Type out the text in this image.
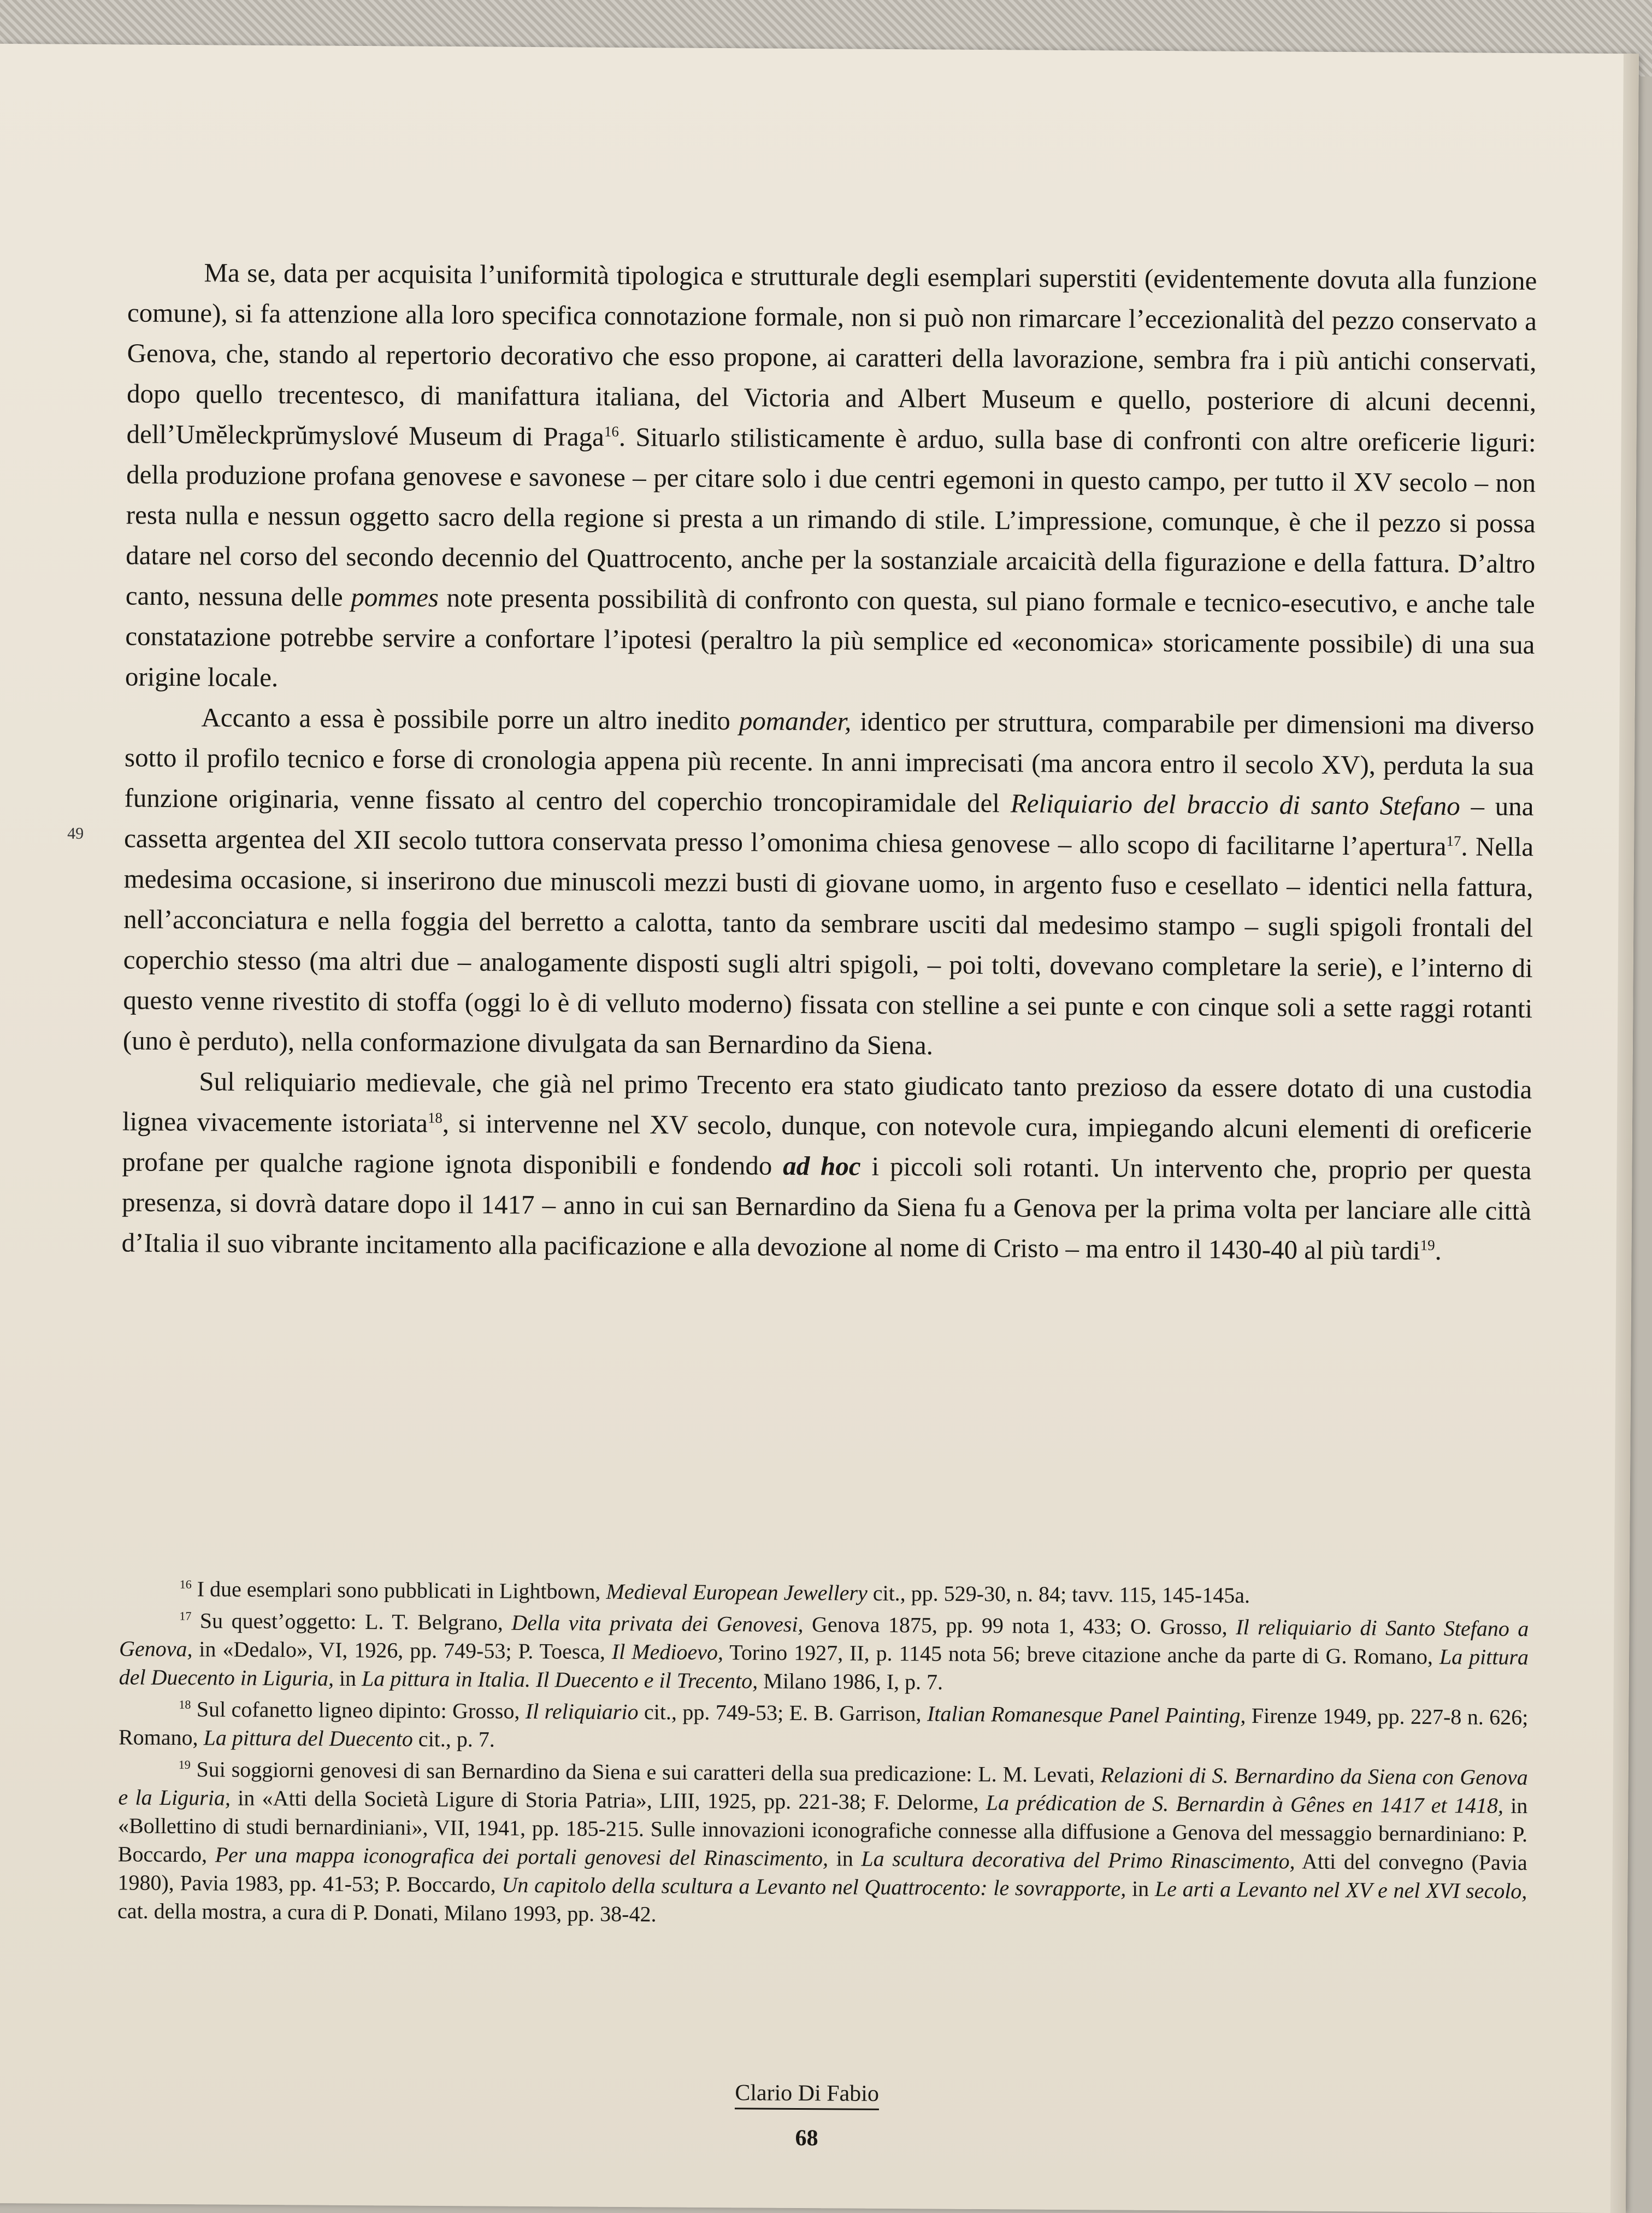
Ma se, data per acquisita l’uniformità tipologica e strutturale degli esemplari superstiti (evidentemente dovuta alla funzione comune), si fa attenzione alla loro specifica connotazione formale, non si può non rimarcare l’eccezionalità del pezzo conservato a Genova, che, stando al repertorio decorativo che esso propone, ai caratteri della lavorazione, sembra fra i più antichi conservati, dopo quello trecentesco, di manifattura italiana, del Victoria and Albert Museum e quello, posteriore di alcuni decenni, dell’Umĕleckprŭmyslové Museum di Praga$^{16}$. Situarlo stilisticamente è arduo, sulla base di confronti con altre oreficerie liguri: della produzione profana genovese e savonese – per citare solo i due centri egemoni in questo campo, per tutto il XV secolo – non resta nulla e nessun oggetto sacro della regione si presta a un rimando di stile. L’impressione, comunque, è che il pezzo si possa datare nel corso del secondo decennio del Quattrocento, anche per la sostanziale arcaicità della figurazione e della fattura. D’altro canto, nessuna delle pommes note presenta possibilità di confronto con questa, sul piano formale e tecnico-esecutivo, e anche tale constatazione potrebbe servire a confortare l’ipotesi (peraltro la più semplice ed «economica» storicamente possibile) di una sua origine locale.

Accanto a essa è possibile porre un altro inedito pomander, identico per struttura, comparabile per dimensioni ma diverso sotto il profilo tecnico e forse di cronologia appena più recente. In anni imprecisati (ma ancora entro il secolo XV), perduta la sua funzione originaria, venne fissato al centro del coperchio troncopiramidale del Reliquiario del braccio di santo Stefano – una cassetta argentea del XII secolo tuttora conservata presso l’omonima chiesa genovese – allo scopo di facilitarne l’apertura$^{17}$. Nella medesima occasione, si inserirono due minuscoli mezzi busti di giovane uomo, in argento fuso e cesellato – identici nella fattura, nell’acconciatura e nella foggia del berretto a calotta, tanto da sembrare usciti dal medesimo stampo – sugli spigoli frontali del coperchio stesso (ma altri due – analogamente disposti sugli altri spigoli, – poi tolti, dovevano completare la serie), e l’interno di questo venne rivestito di stoffa (oggi lo è di velluto moderno) fissata con stelline a sei punte e con cinque soli a sette raggi rotanti (uno è perduto), nella conformazione divulgata da san Bernardino da Siena.

Sul reliquiario medievale, che già nel primo Trecento era stato giudicato tanto prezioso da essere dotato di una custodia lignea vivacemente istoriata$^{18}$, si intervenne nel XV secolo, dunque, con notevole cura, impiegando alcuni elementi di oreficerie profane per qualche ragione ignota disponibili e fondendo ad hoc i piccoli soli rotanti. Un intervento che, proprio per questa presenza, si dovrà datare dopo il 1417 – anno in cui san Bernardino da Siena fu a Genova per la prima volta per lanciare alle città d’Italia il suo vibrante incitamento alla pacificazione e alla devozione al nome di Cristo – ma entro il 1430-40 al più tardi$^{19}$.

49

$^{16}$ I due esemplari sono pubblicati in Lightbown, Medieval European Jewellery cit., pp. 529-30, n. 84; tavv. 115, 145-145a.

$^{17}$ Su quest’oggetto: L. T. Belgrano, Della vita privata dei Genovesi, Genova 1875, pp. 99 nota 1, 433; O. Grosso, Il reliquiario di Santo Stefano a Genova, in «Dedalo», VI, 1926, pp. 749-53; P. Toesca, Il Medioevo, Torino 1927, II, p. 1145 nota 56; breve citazione anche da parte di G. Romano, La pittura del Duecento in Liguria, in La pittura in Italia. Il Duecento e il Trecento, Milano 1986, I, p. 7.

$^{18}$ Sul cofanetto ligneo dipinto: Grosso, Il reliquiario cit., pp. 749-53; E. B. Garrison, Italian Romanesque Panel Painting, Firenze 1949, pp. 227-8 n. 626; Romano, La pittura del Duecento cit., p. 7.

$^{19}$ Sui soggiorni genovesi di san Bernardino da Siena e sui caratteri della sua predicazione: L. M. Levati, Relazioni di S. Bernardino da Siena con Genova e la Liguria, in «Atti della Società Ligure di Storia Patria», LIII, 1925, pp. 221-38; F. Delorme, La prédication de S. Bernardin à Gênes en 1417 et 1418, in «Bollettino di studi bernardiniani», VII, 1941, pp. 185-215. Sulle innovazioni iconografiche connesse alla diffusione a Genova del messaggio bernardiniano: P. Boccardo, Per una mappa iconografica dei portali genovesi del Rinascimento, in La scultura decorativa del Primo Rinascimento, Atti del convegno (Pavia 1980), Pavia 1983, pp. 41-53; P. Boccardo, Un capitolo della scultura a Levanto nel Quattrocento: le sovrapporte, in Le arti a Levanto nel XV e nel XVI secolo, cat. della mostra, a cura di P. Donati, Milano 1993, pp. 38-42.

Clario Di Fabio
68
